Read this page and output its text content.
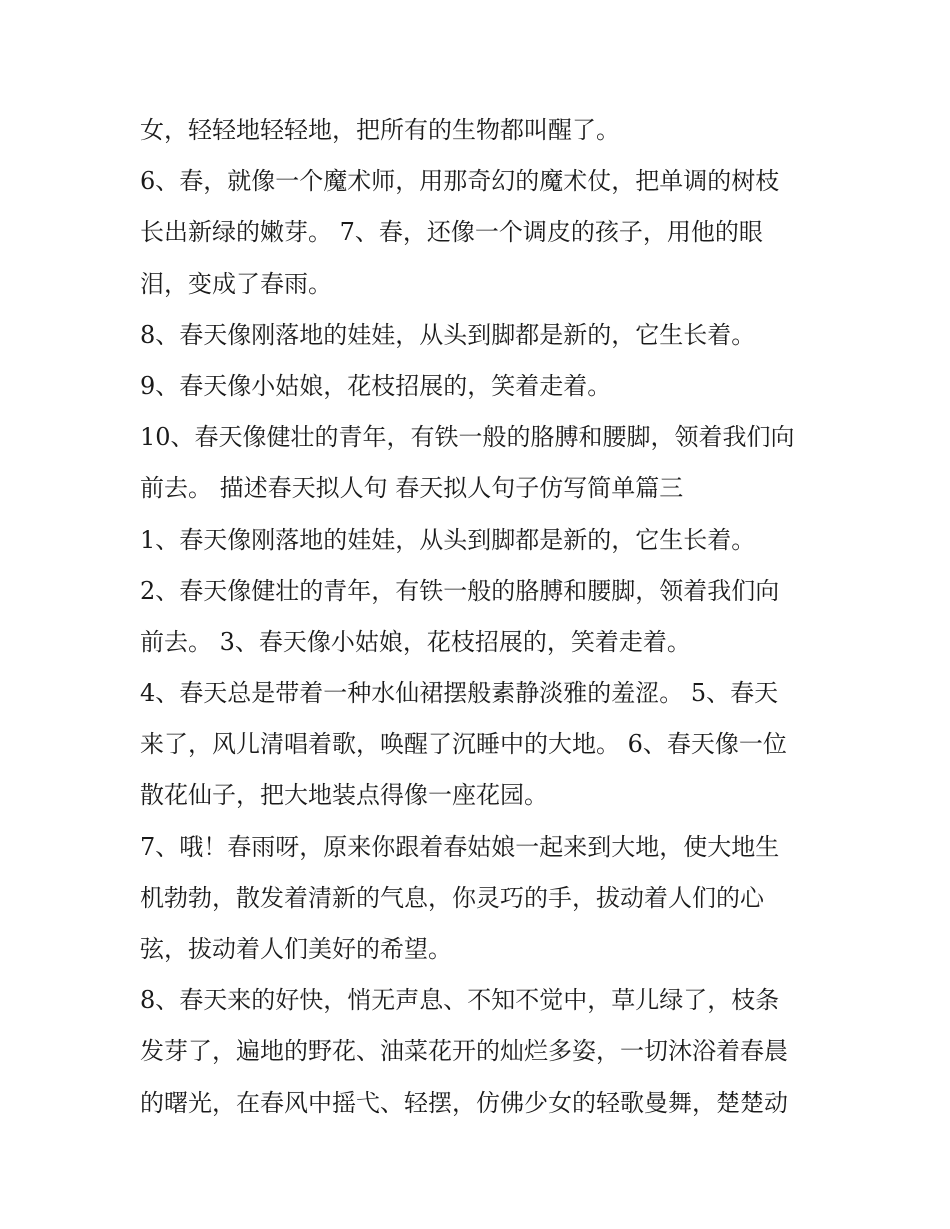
女，轻轻地轻轻地，把所有的生物都叫醒了。
6、春，就像一个魔术师，用那奇幻的魔术仗，把单调的树枝
长出新绿的嫩芽。 7、春，还像一个调皮的孩子，用他的眼
泪，变成了春雨。
8、春天像刚落地的娃娃，从头到脚都是新的，它生长着。
9、春天像小姑娘，花枝招展的，笑着走着。
10、春天像健壮的青年，有铁一般的胳膊和腰脚，领着我们向
前去。 描述春天拟人句 春天拟人句子仿写简单篇三
1、春天像刚落地的娃娃，从头到脚都是新的，它生长着。
2、春天像健壮的青年，有铁一般的胳膊和腰脚，领着我们向
前去。 3、春天像小姑娘，花枝招展的，笑着走着。
4、春天总是带着一种水仙裙摆般素静淡雅的羞涩。 5、春天
来了，风儿清唱着歌，唤醒了沉睡中的大地。 6、春天像一位
散花仙子，把大地装点得像一座花园。
7、哦！春雨呀，原来你跟着春姑娘一起来到大地，使大地生
机勃勃，散发着清新的气息，你灵巧的手，拔动着人们的心
弦，拔动着人们美好的希望。
8、春天来的好快，悄无声息、不知不觉中，草儿绿了，枝条
发芽了，遍地的野花、油菜花开的灿烂多姿，一切沐浴着春晨
的曙光，在春风中摇弋、轻摆，仿佛少女的轻歌曼舞，楚楚动
